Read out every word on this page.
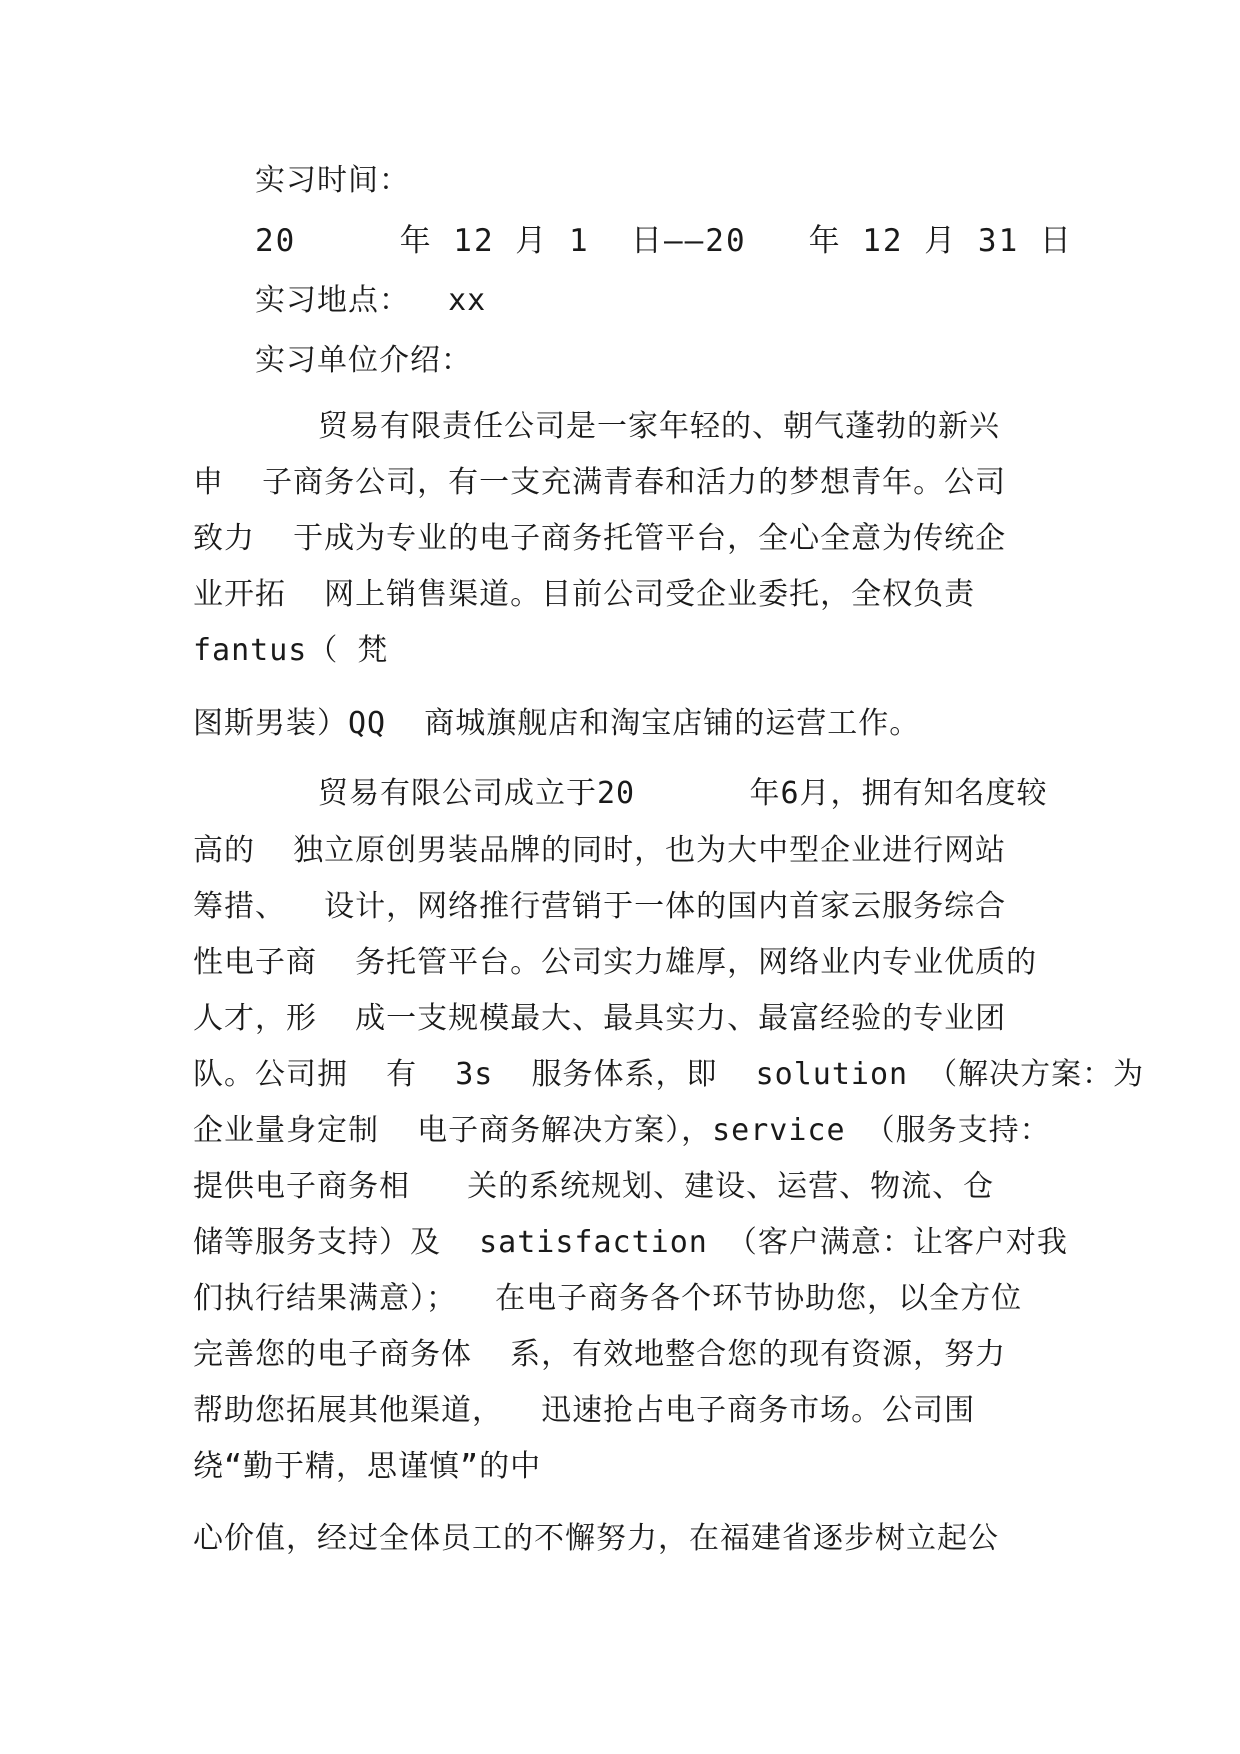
实习时间：
20     年 12 月 1  日——20   年 12 月 31 日
实习地点：  xx
实习单位介绍：
贸易有限责任公司是一家年轻的、朝气蓬勃的新兴
申  子商务公司，有一支充满青春和活力的梦想青年。公司
致力  于成为专业的电子商务托管平台，全心全意为传统企
业开拓  网上销售渠道。目前公司受企业委托，全权负责
fantus（ 梵
图斯男装）QQ  商城旗舰店和淘宝店铺的运营工作。
贸易有限公司成立于20      年6月，拥有知名度较
高的  独立原创男装品牌的同时，也为大中型企业进行网站
筹措、  设计，网络推行营销于一体的国内首家云服务综合
性电子商  务托管平台。公司实力雄厚，网络业内专业优质的
人才，形  成一支规模最大、最具实力、最富经验的专业团
队。公司拥  有  3s  服务体系，即  solution （解决方案：为
企业量身定制  电子商务解决方案），service （服务支持：
提供电子商务相   关的系统规划、建设、运营、物流、仓
储等服务支持）及  satisfaction （客户满意：让客户对我
们执行结果满意）；  在电子商务各个环节协助您，以全方位
完善您的电子商务体  系，有效地整合您的现有资源，努力
帮助您拓展其他渠道，  迅速抢占电子商务市场。公司围
绕“勤于精，思谨慎”的中
心价值，经过全体员工的不懈努力，在福建省逐步树立起公
